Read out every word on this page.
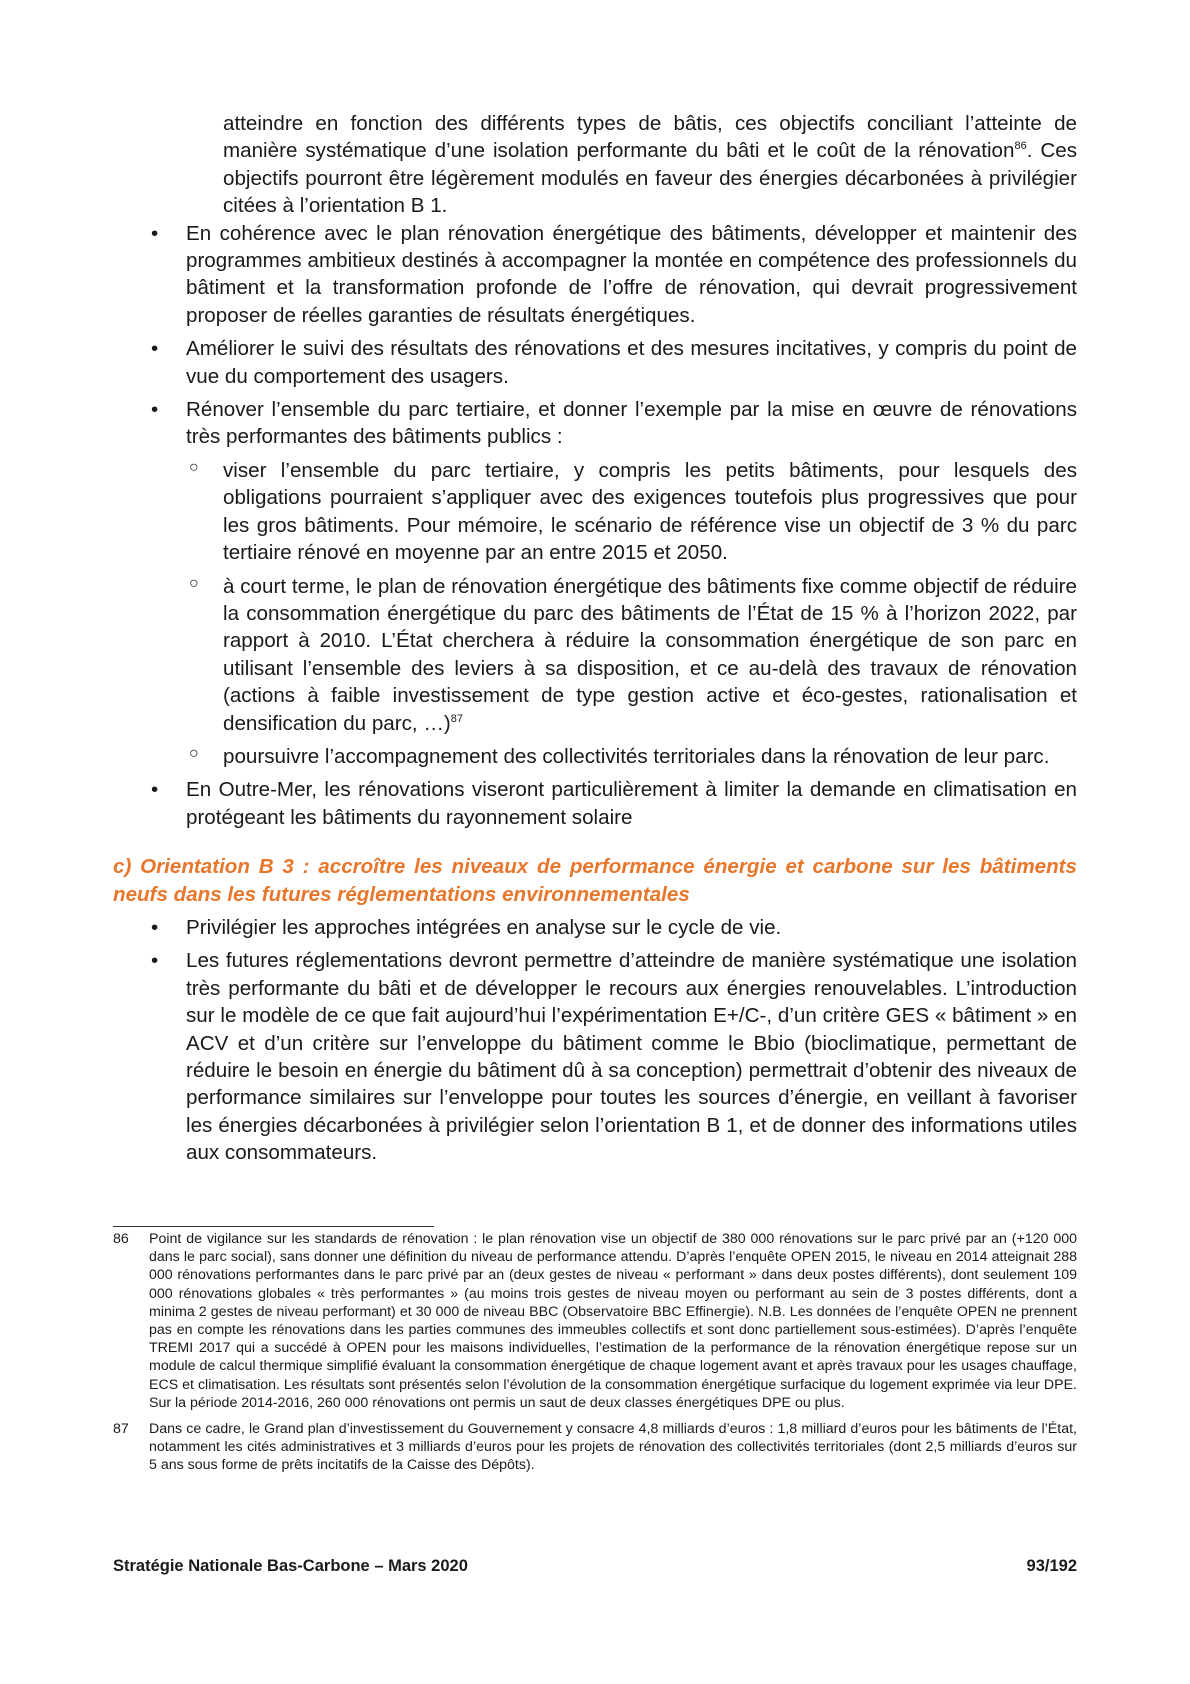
atteindre en fonction des différents types de bâtis, ces objectifs conciliant l’atteinte de manière systématique d’une isolation performante du bâti et le coût de la rénovation$^{86}$. Ces objectifs pourront être légèrement modulés en faveur des énergies décarbonées à privilégier citées à l’orientation B 1.
• En cohérence avec le plan rénovation énergétique des bâtiments, développer et maintenir des programmes ambitieux destinés à accompagner la montée en compétence des professionnels du bâtiment et la transformation profonde de l’offre de rénovation, qui devrait progressivement proposer de réelles garanties de résultats énergétiques.
• Améliorer le suivi des résultats des rénovations et des mesures incitatives, y compris du point de vue du comportement des usagers.
• Rénover l’ensemble du parc tertiaire, et donner l’exemple par la mise en œuvre de rénovations très performantes des bâtiments publics :
○ viser l’ensemble du parc tertiaire, y compris les petits bâtiments, pour lesquels des obligations pourraient s’appliquer avec des exigences toutefois plus progressives que pour les gros bâtiments. Pour mémoire, le scénario de référence vise un objectif de 3 % du parc tertiaire rénové en moyenne par an entre 2015 et 2050.
○ à court terme, le plan de rénovation énergétique des bâtiments fixe comme objectif de réduire la consommation énergétique du parc des bâtiments de l’État de 15 % à l’horizon 2022, par rapport à 2010. L’État cherchera à réduire la consommation énergétique de son parc en utilisant l’ensemble des leviers à sa disposition, et ce au-delà des travaux de rénovation (actions à faible investissement de type gestion active et éco-gestes, rationalisation et densification du parc, …)$^{87}$
○ poursuivre l’accompagnement des collectivités territoriales dans la rénovation de leur parc.
• En Outre-Mer, les rénovations viseront particulièrement à limiter la demande en climatisation en protégeant les bâtiments du rayonnement solaire
c) Orientation B 3 : accroître les niveaux de performance énergie et carbone sur les bâtiments neufs dans les futures réglementations environnementales
• Privilégier les approches intégrées en analyse sur le cycle de vie.
• Les futures réglementations devront permettre d’atteindre de manière systématique une isolation très performante du bâti et de développer le recours aux énergies renouvelables. L’introduction sur le modèle de ce que fait aujourd’hui l’expérimentation E+/C-, d’un critère GES « bâtiment » en ACV et d’un critère sur l’enveloppe du bâtiment comme le Bbio (bioclimatique, permettant de réduire le besoin en énergie du bâtiment dû à sa conception) permettrait d’obtenir des niveaux de performance similaires sur l’enveloppe pour toutes les sources d’énergie, en veillant à favoriser les énergies décarbonées à privilégier selon l’orientation B 1, et de donner des informations utiles aux consommateurs.
86 Point de vigilance sur les standards de rénovation : le plan rénovation vise un objectif de 380 000 rénovations sur le parc privé par an (+120 000 dans le parc social), sans donner une définition du niveau de performance attendu. D’après l’enquête OPEN 2015, le niveau en 2014 atteignait 288 000 rénovations performantes dans le parc privé par an (deux gestes de niveau « performant » dans deux postes différents), dont seulement 109 000 rénovations globales « très performantes » (au moins trois gestes de niveau moyen ou performant au sein de 3 postes différents, dont a minima 2 gestes de niveau performant) et 30 000 de niveau BBC (Observatoire BBC Effinergie). N.B. Les données de l’enquête OPEN ne prennent pas en compte les rénovations dans les parties communes des immeubles collectifs et sont donc partiellement sous-estimées). D’après l’enquête TREMI 2017 qui a succédé à OPEN pour les maisons individuelles, l’estimation de la performance de la rénovation énergétique repose sur un module de calcul thermique simplifié évaluant la consommation énergétique de chaque logement avant et après travaux pour les usages chauffage, ECS et climatisation. Les résultats sont présentés selon l’évolution de la consommation énergétique surfacique du logement exprimée via leur DPE. Sur la période 2014-2016, 260 000 rénovations ont permis un saut de deux classes énergétiques DPE ou plus.
87 Dans ce cadre, le Grand plan d’investissement du Gouvernement y consacre 4,8 milliards d’euros : 1,8 milliard d’euros pour les bâtiments de l’État, notamment les cités administratives et 3 milliards d’euros pour les projets de rénovation des collectivités territoriales (dont 2,5 milliards d’euros sur 5 ans sous forme de prêts incitatifs de la Caisse des Dépôts).
Stratégie Nationale Bas-Carbone – Mars 2020	93/192
